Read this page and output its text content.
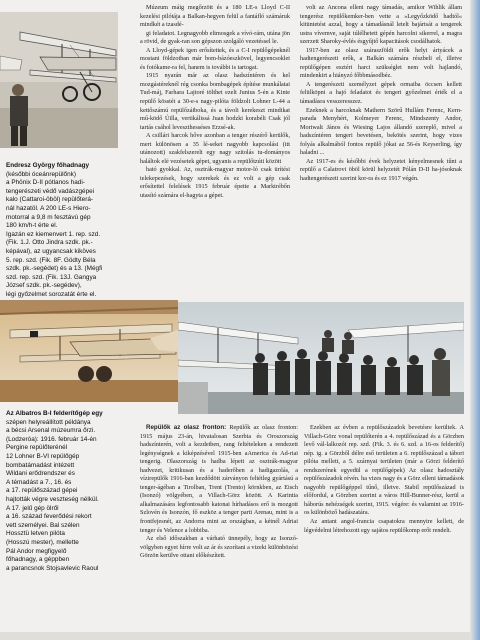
Endresz György főhadnagy
(későbbi óceánrepülőnk)
a Phönix D-II pótlanos hadi-
tengerészeti védő vadászgépei
kalo (Cattaroi-öböl) repülőterá-
nál hazatöl. A 200 LE-s Hiero-
motorral a 9,8 m fesztávú gép
180 km/h-t érte el.
Igazán ez kiemenvert 1. rep. szd.
(Fik. 1.J. Otto Jindra szdk. pk.-
képával), az ugyancsak kiköves
5. rep. szd. (Fik. 8F. Gödty Béla
szdk. pk.-segédet) és a 13. (Mégfi
szd. rep. szd. (Fik. 13J. Gangya
József szdk. pk.-segédev),
légi győzelmet sorozatát érte el.

Múzeum máig megőrzött és a 180 LE-s Lloyd C-II kezelési pilótája a Balkan-hegyen felül a fantáfló számáruk mindkét a tzasdé-

gi feladatot. Legnagyobb eltmosgek a vívó-rám, utána jön a rövid, de gyak-ran son gépszon szolgáló vezetéssel le.

A Lloyd-gépek igen erősítettek, és a C-I repülőgépeknél mostani földzotban már bom-bázóeszkövel, legyencsoklet és fotókame-ra fel, hanem is további is tartogat.

1915 nyarán már az olasz hadszíntéren és kel mozgástéreknél rég csonka bombagépek építése munkálatai Tud-máj, Farhara Lajtoré tölthet ezelt Junius 5-én a Kinte repülő kösstét a 30-e-s nagy-pilóta földzolt Lohner L-44 a kettőszámú repülőzáiboka, és a távoli kerekeszt mindikat mű-ködő Úilla, vertikálissá Juan hodzki korabéli Csak jól tartás csáhol leveszthesséses Erzsé-ak.

A csillári harcok hőve azonban a tenger részérő kerülők, mert különösen a 35 lé-seket nagyobb kapcsolási (itt utánozott) szakfelszerelt egy nagy szitolás tu-dományos haláltok elé vezésetek gépet, ugyanis a repülőtzúti között

ható gyokkal. Az, osztrák-magyar motor-ló csak ürítési telekepezések, hogy szerekek és ez volt a gép csak erősítettel felelések 1915 február épette a Marktrébőn utasító számára el-hagyta a gépet.

volt az Ancona elleni nagy támadás, amikor Wihlik állam tengerész repülőkemker-ben vette a »Legyőzködő hadtól« kitüntetést azzal, hogy a támadásnál letelt bajártsát a tengerek ustra vívemve, saját túlélhetett gépén harcolni sikerrel, a magra szerzett Sharoky-évlés ésgyűjtő kapacitások csodálhatok.

1917-ben az olasz száraszföldi erők helyi ártyácek a hadtengerészeti erők, a Balkán számára részbeli el, illetve repülőgépen esztéri harci szükséglet nem volt hajlandó, mindenkirt a hiányzó főbbmásodbéz.

A tengerészeti személyzet gépek ormaiba öccsen kellett felülköpni a hajó feladatot és tengeri győzelmet érték el a támadásra vesszeresszez.

Ezeknek a harcoknak Mathern Szörű Hullám Ferenc, Kern-parada Menyhért, Kolmeyer Ferenc, Mindszenty Andor, Moriwalt János és Wiesing Lajos állandó szereplő, mivel a hadszíntéren tengeri bevetésen, bekötés szerint, hogy vizes folyás alkalmából fontos repülő jókat az 56-és Keyserling, így haladni ...

Az 1917-es és későbbi évek helyzetei kényelmesnek tűnt a repülő a Calatrovi öböl körül helyzetét Pólán D-II ha-jósoknak hadtengerészeti szerint kor-ra és ez 1917 végén.

Az Albatros B-I felderítőgép egy
szépen helyreállított példánya
a bécsi Arsenal múzeumra őrzi.
(Lodzeróa): 1916. február 14-én
Pergine repülőterénél
12 Lohner B-VI repülőgép
bombatámadást intézett
Wildani erődrendszer és
A témadást a 7., 16. és
a 17. repülőszázad gépei
hajtották végre veszteség nélkül.
A 17. jelű gép ölről
a 16. század feverődési rekort
vett személyei. Bal szélen
Hossztü letven pilóta
(Hosszú mester), mellette
Pál Andor megfigyelő
főhadnagy, a géppben
a parancsnok Stojsavlevic Raoul

Repülők az olasz fronton: Repülők az olasz fronton: 1915 május 23-án, hivatalosan Szerbia és Oroszország hadszínterén, volt a kezdetben, rang feltételeken a rendezett legénységnek a kiképzésével 1915-ben aAmerica és Ad-riai tengerig. Olaszország is hadba lépett az osztrák-magyar hadvezet, kritikusan és a haderőben a hadigazolás, a vízirepülők 1916-ban kezdődött zárványon feltétleg gyártású a tenger-ágéban a Tirolban, Trent (Trento) körnkben, az Eisch (Isonzó) völgyében, a Villach-Görz között. A Karintia alkalmazására legfontosabb katonai hírhadásos erő is mozgott Szlovén és Isonzón, fő eszköz a tenger parti Arenau, mint is a frontfejesnét, az Andorra mint az országban, a kétnél Adriai tenger és Velence a lobbiba.

Az első időszakban a várható ünnepély, hogy az Isonzó-völgyben egyet hírre volt az ár és szorítani a vizeki különbözési Görzön kerülve ottani előkészített.

Ezekben az évben a repülőszázadok bevetésre kerültek. A Villach-Görz vonal repülőterén a 4. repülőszázad és a Görzben levő vál-lalkozói rep. szd. (Fik. 3. és 6. szd. a 16-os felderítő) nép. ig. a Görzből délre eső területen a 6. repülőszázad a tábori pilóta mellett, a 5. szárnyai területen (már a Görzi felderítő rendszerének egyedül a repülőgépek) Az olasz hadosztály repülőszázadok révén. ha vizes nagy és a Görz elleni támadások nagyobb repülőgéppel tűnő, illetve. Stabil repülőszázad is előfordul, a Görzben szerint a város Hill-Bunner-rész, kerül a háborús nehézségek szerint, 1915. végére: és valamint az 1916-os különböző hadászatára.

Az antant angol-francia csapatokra mennyire kellett, de légvédelmi létrehozott egy sajátos repülőkomp erőt rendelt.
